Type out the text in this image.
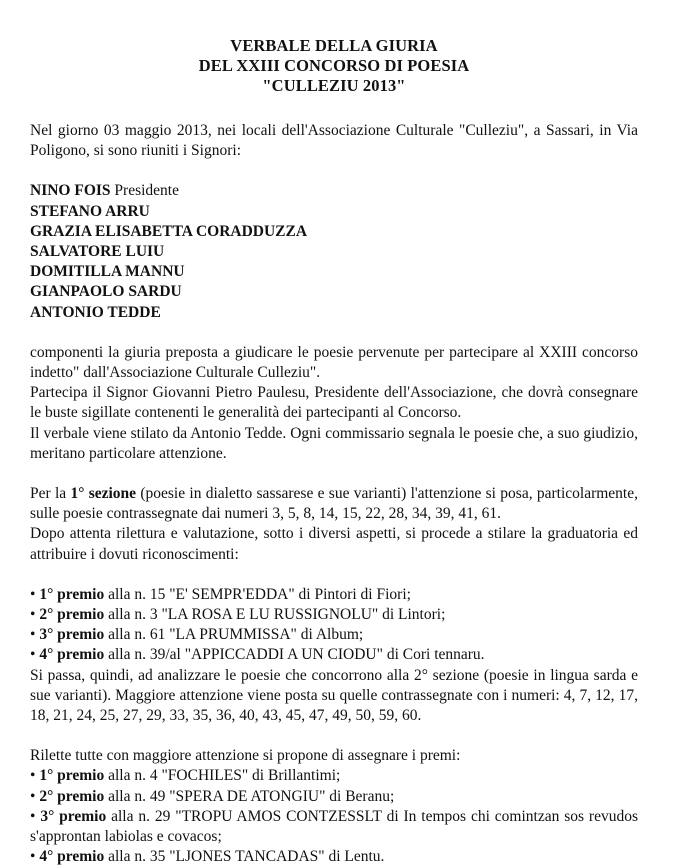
VERBALE DELLA GIURIA
DEL XXIII CONCORSO DI POESIA
"CULLEZIU 2013"

Nel giorno 03 maggio 2013, nei locali dell'Associazione Culturale "Culleziu", a Sassari, in Via Poligono, si sono riuniti i Signori:

NINO FOIS Presidente
STEFANO ARRU
GRAZIA ELISABETTA CORADDUZZA
SALVATORE LUIU
DOMITILLA MANNU
GIANPAOLO SARDU
ANTONIO TEDDE

componenti la giuria preposta a giudicare le poesie pervenute per partecipare al XXIII concorso indetto" dall'Associazione Culturale Culleziu".

Partecipa il Signor Giovanni Pietro Paulesu, Presidente dell'Associazione, che dovrà consegnare le buste sigillate contenenti le generalità dei partecipanti al Concorso.

Il verbale viene stilato da Antonio Tedde. Ogni commissario segnala le poesie che, a suo giudizio, meritano particolare attenzione.

Per la 1° sezione (poesie in dialetto sassarese e sue varianti) l'attenzione si posa, particolarmente, sulle poesie contrassegnate dai numeri 3, 5, 8, 14, 15, 22, 28, 34, 39, 41, 61.

Dopo attenta rilettura e valutazione, sotto i diversi aspetti, si procede a stilare la graduatoria ed attribuire i dovuti riconoscimenti:

• 1° premio alla n. 15 "E' SEMPR'EDDA" di Pintori di Fiori;

• 2° premio alla n. 3 "LA ROSA E LU RUSSIGNOLU" di Lintori;

• 3° premio alla n. 61 "LA PRUMMISSA" di Album;

• 4° premio alla n. 39/al "APPICCADDI A UN CIODU" di Cori tennaru.

Si passa, quindi, ad analizzare le poesie che concorrono alla 2° sezione (poesie in lingua sarda e sue varianti). Maggiore attenzione viene posta su quelle contrassegnate con i numeri: 4, 7, 12, 17, 18, 21, 24, 25, 27, 29, 33, 35, 36, 40, 43, 45, 47, 49, 50, 59, 60.

Rilette tutte con maggiore attenzione si propone di assegnare i premi:

• 1° premio alla n. 4 "FOCHILES" di Brillantimi;

• 2° premio alla n. 49 "SPERA DE ATONGIU" di Beranu;

• 3° premio alla n. 29 "TROPU AMOS CONTZESSLT di In tempos chi comintzan sos revudos s'approntan labiolas e covacos;

• 4° premio alla n. 35 "LJONES TANCADAS" di Lentu.
